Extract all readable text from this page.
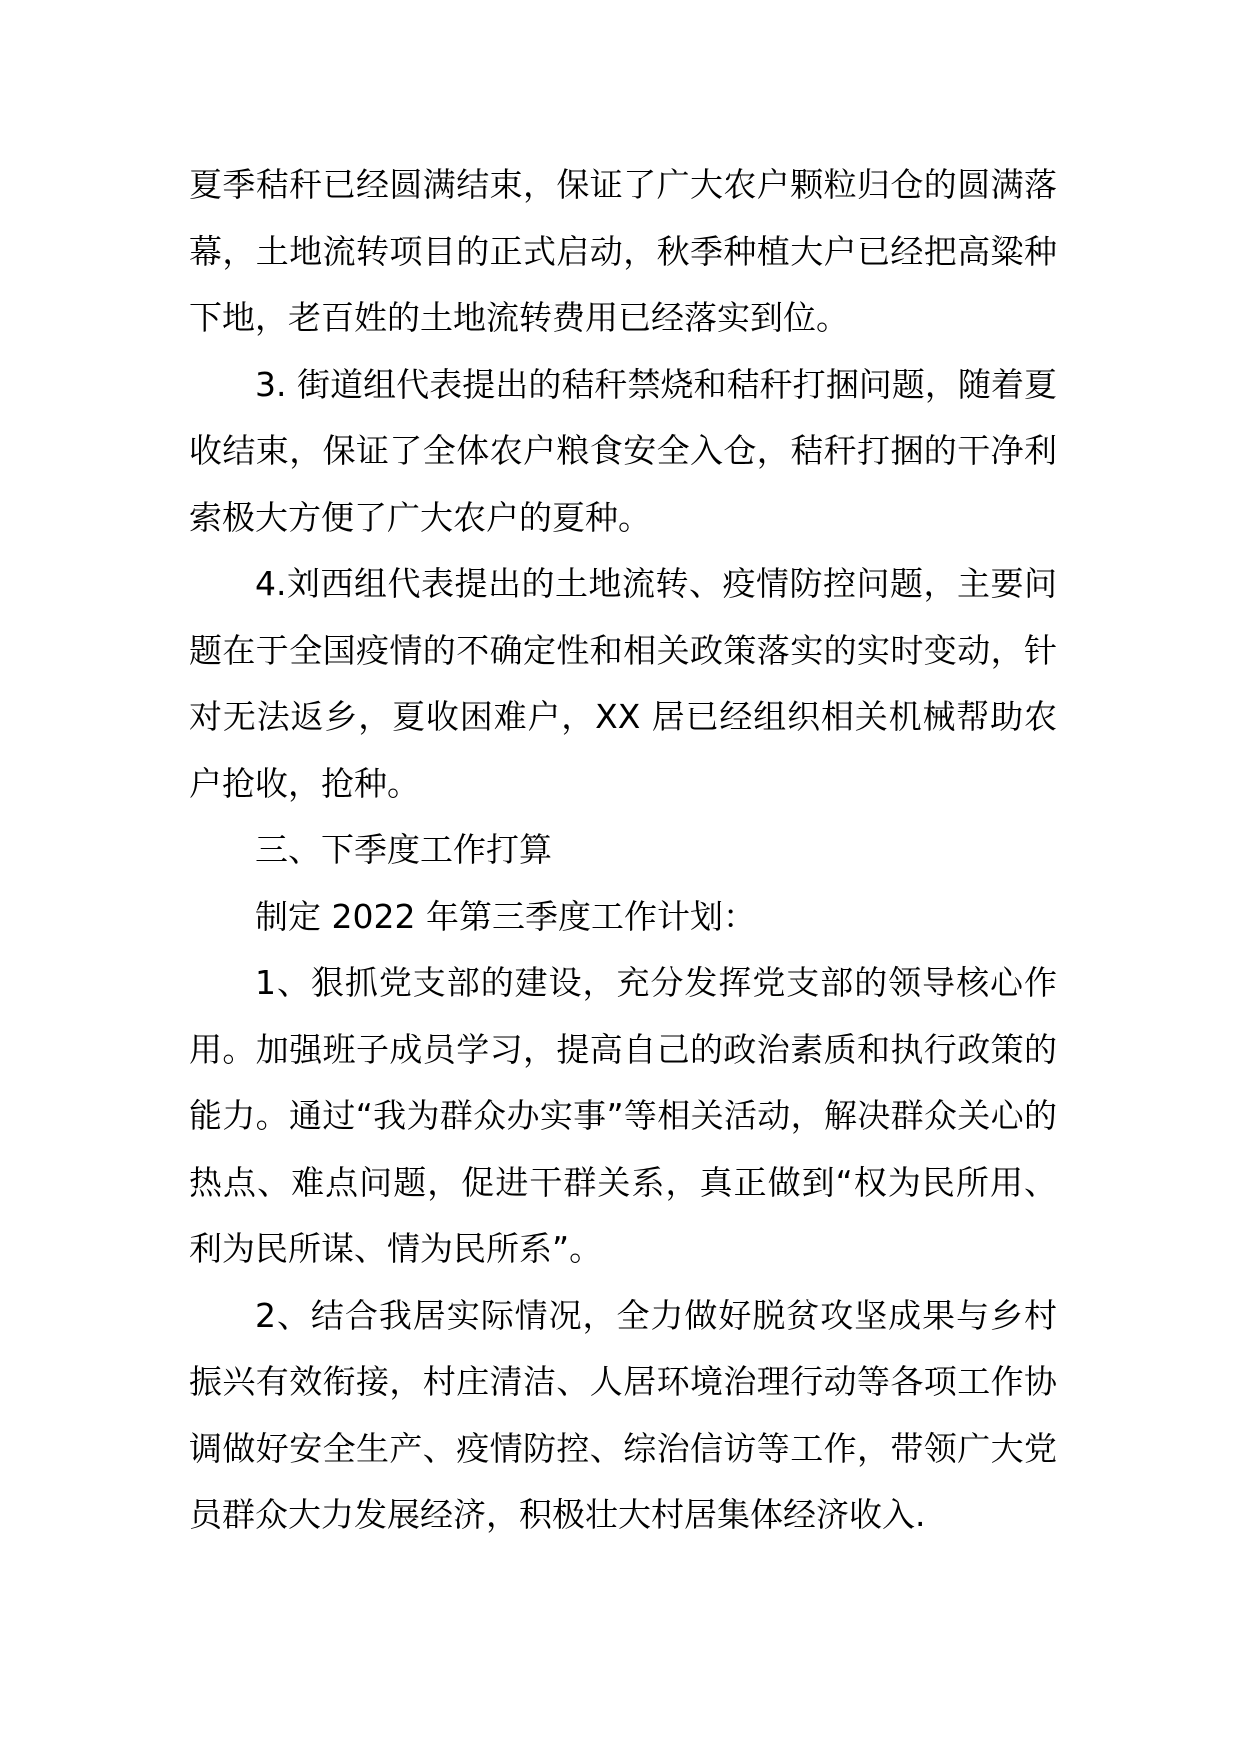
夏季秸秆已经圆满结束，保证了广大农户颗粒归仓的圆满落幕，土地流转项目的正式启动，秋季种植大户已经把高粱种下地，老百姓的土地流转费用已经落实到位。

3. 街道组代表提出的秸秆禁烧和秸秆打捆问题，随着夏收结束，保证了全体农户粮食安全入仓，秸秆打捆的干净利索极大方便了广大农户的夏种。

4.刘西组代表提出的土地流转、疫情防控问题，主要问题在于全国疫情的不确定性和相关政策落实的实时变动，针对无法返乡，夏收困难户，XX 居已经组织相关机械帮助农户抢收，抢种。

三、下季度工作打算

制定 2022 年第三季度工作计划：

1、狠抓党支部的建设，充分发挥党支部的领导核心作用。加强班子成员学习，提高自己的政治素质和执行政策的能力。通过“我为群众办实事”等相关活动，解决群众关心的热点、难点问题，促进干群关系，真正做到“权为民所用、利为民所谋、情为民所系”。

2、结合我居实际情况，全力做好脱贫攻坚成果与乡村振兴有效衔接，村庄清洁、人居环境治理行动等各项工作协调做好安全生产、疫情防控、综治信访等工作，带领广大党员群众大力发展经济，积极壮大村居集体经济收入.
